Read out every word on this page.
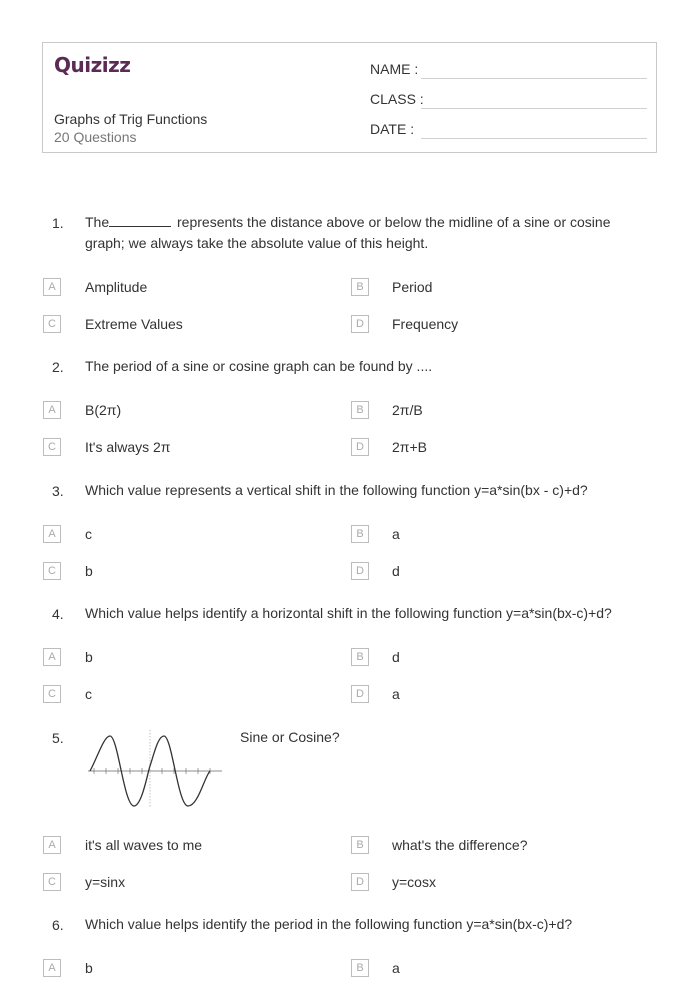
Quizizz
Graphs of Trig Functions
20 Questions
NAME :
CLASS :
DATE :
1. The	represents the distance above or below the midline of a sine or cosine graph; we always take the absolute value of this height.
A	Amplitude	B	Period
C	Extreme Values	D	Frequency
2. The period of a sine or cosine graph can be found by ....
A	B(2π)	B	2π/B
C	It's always 2π	D	2π+B
3. Which value represents a vertical shift in the following function y=a*sin(bx - c)+d?
A	c	B	a
C	b	D	d
4. Which value helps identify a horizontal shift in the following function y=a*sin(bx-c)+d?
A	b	B	d
C	c	D	a
5.	Sine or Cosine?
A	it's all waves to me	B	what's the difference?
C	y=sinx	D	y=cosx
6. Which value helps identify the period in the following function y=a*sin(bx-c)+d?
A	b	B	a
